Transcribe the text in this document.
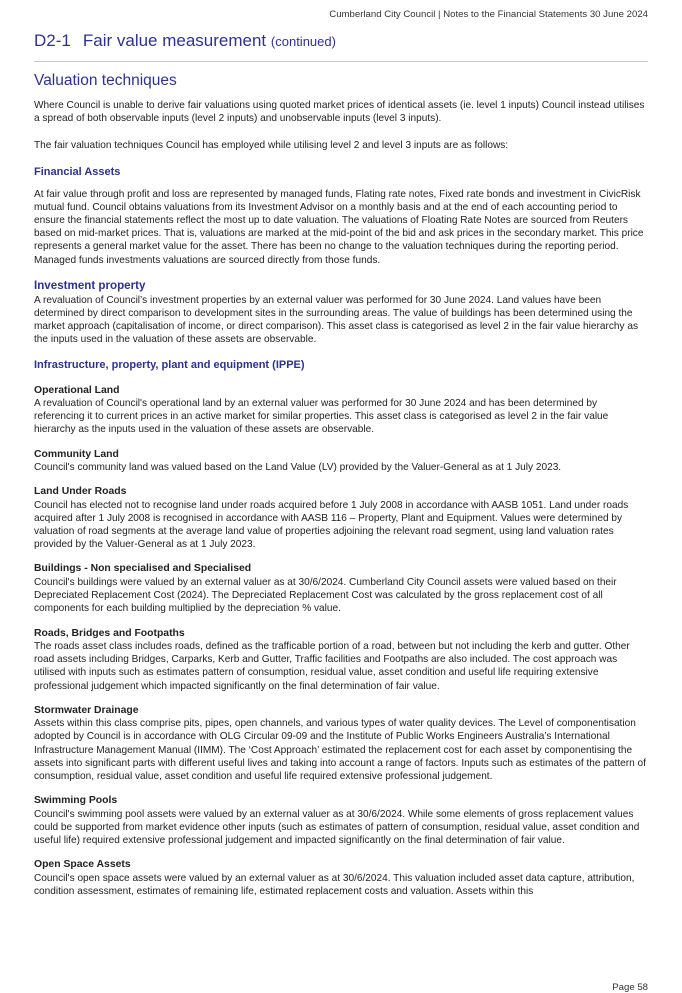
Cumberland City Council | Notes to the Financial Statements 30 June 2024
D2-1 Fair value measurement (continued)
Valuation techniques

Where Council is unable to derive fair valuations using quoted market prices of identical assets (ie. level 1 inputs) Council instead utilises a spread of both observable inputs (level 2 inputs) and unobservable inputs (level 3 inputs).

The fair valuation techniques Council has employed while utilising level 2 and level 3 inputs are as follows:

Financial Assets

At fair value through profit and loss are represented by managed funds, Flating rate notes, Fixed rate bonds and investment in CivicRisk mutual fund. Council obtains valuations from its Investment Advisor on a monthly basis and at the end of each accounting period to ensure the financial statements reflect the most up to date valuation. The valuations of Floating Rate Notes are sourced from Reuters based on mid-market prices. That is, valuations are marked at the mid-point of the bid and ask prices in the secondary market. This price represents a general market value for the asset. There has been no change to the valuation techniques during the reporting period. Managed funds investments valuations are sourced directly from those funds.

Investment property

A revaluation of Council’s investment properties by an external valuer was performed for 30 June 2024. Land values have been determined by direct comparison to development sites in the surrounding areas. The value of buildings has been determined using the market approach (capitalisation of income, or direct comparison). This asset class is categorised as level 2 in the fair value hierarchy as the inputs used in the valuation of these assets are observable.

Infrastructure, property, plant and equipment (IPPE)
Operational Land

A revaluation of Council's operational land by an external valuer was performed for 30 June 2024 and has been determined by referencing it to current prices in an active market for similar properties. This asset class is categorised as level 2 in the fair value hierarchy as the inputs used in the valuation of these assets are observable.

Community Land

Council's community land was valued based on the Land Value (LV) provided by the Valuer-General as at 1 July 2023.

Land Under Roads

Council has elected not to recognise land under roads acquired before 1 July 2008 in accordance with AASB 1051. Land under roads acquired after 1 July 2008 is recognised in accordance with AASB 116 – Property, Plant and Equipment. Values were determined by valuation of road segments at the average land value of properties adjoining the relevant road segment, using land valuation rates provided by the Valuer-General as at 1 July 2023.

Buildings - Non specialised and Specialised

Council's buildings were valued by an external valuer as at 30/6/2024. Cumberland City Council assets were valued based on their Depreciated Replacement Cost (2024). The Depreciated Replacement Cost was calculated by the gross replacement cost of all components for each building multiplied by the depreciation % value.

Roads, Bridges and Footpaths

The roads asset class includes roads, defined as the trafficable portion of a road, between but not including the kerb and gutter. Other road assets including Bridges, Carparks, Kerb and Gutter, Traffic facilities and Footpaths are also included. The cost approach was utilised with inputs such as estimates pattern of consumption, residual value, asset condition and useful life requiring extensive professional judgement which impacted significantly on the final determination of fair value.

Stormwater Drainage

Assets within this class comprise pits, pipes, open channels, and various types of water quality devices. The Level of componentisation adopted by Council is in accordance with OLG Circular 09-09 and the Institute of Public Works Engineers Australia’s International Infrastructure Management Manual (IIMM). The ‘Cost Approach’ estimated the replacement cost for each asset by componentising the assets into significant parts with different useful lives and taking into account a range of factors. Inputs such as estimates of the pattern of consumption, residual value, asset condition and useful life required extensive professional judgement.

Swimming Pools

Council's swimming pool assets were valued by an external valuer as at 30/6/2024. While some elements of gross replacement values could be supported from market evidence other inputs (such as estimates of pattern of consumption, residual value, asset condition and useful life) required extensive professional judgement and impacted significantly on the final determination of fair value.

Open Space Assets

Council's open space assets were valued by an external valuer as at 30/6/2024. This valuation included asset data capture, attribution, condition assessment, estimates of remaining life, estimated replacement costs and valuation. Assets within this

Page 58
